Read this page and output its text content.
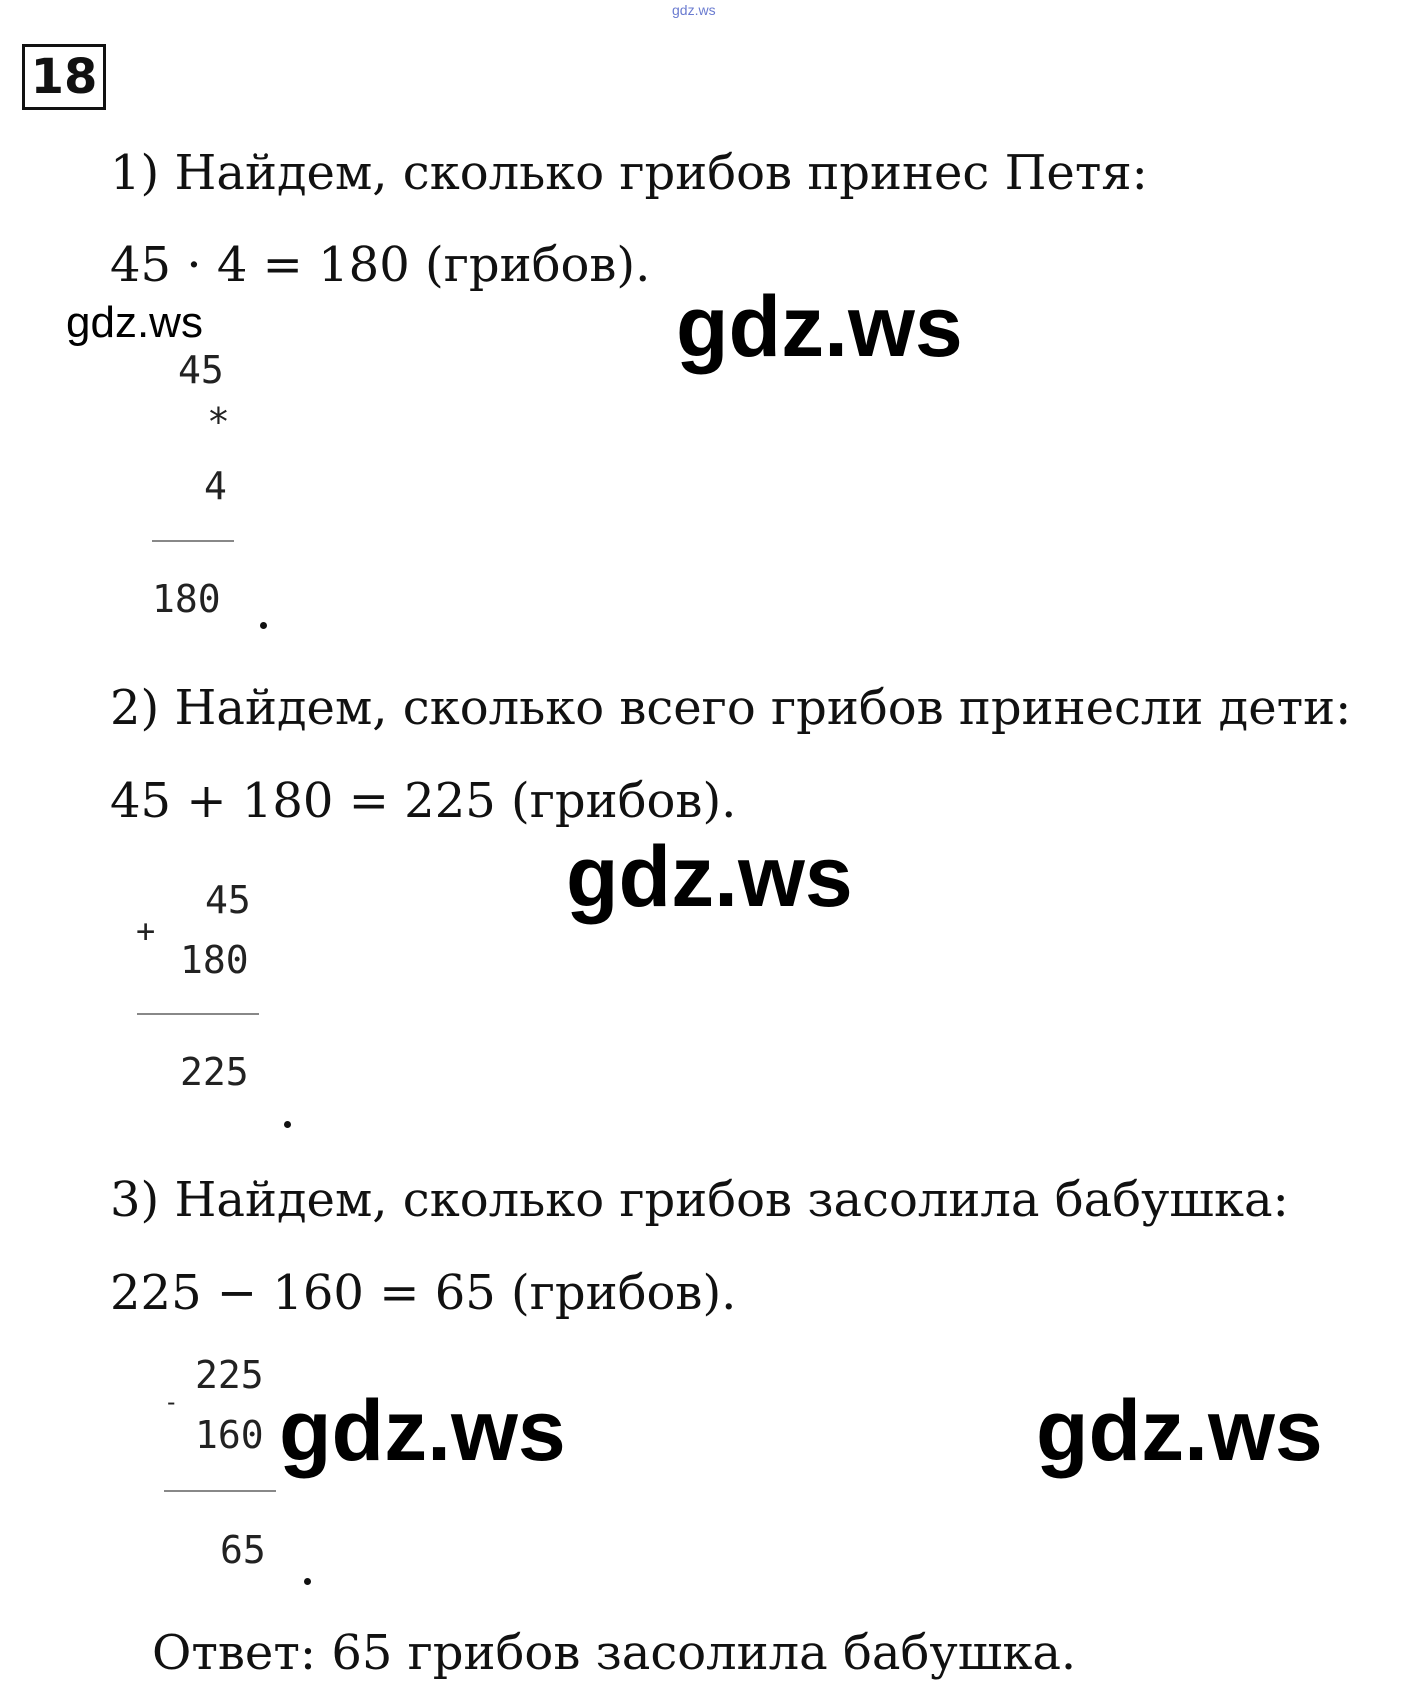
gdz.ws
18
1) Найдем, сколько грибов принес Петя:
45 · 4 = 180 (грибов).
gdz.ws	gdz.ws
45
*
4
180
2) Найдем, сколько всего грибов принесли дети:
45 + 180 = 225 (грибов).
gdz.ws
45
+
180
225
3) Найдем, сколько грибов засолила бабушка:
225 − 160 = 65 (грибов).
225
-
160
65
gdz.ws	gdz.ws
Ответ: 65 грибов засолила бабушка.
